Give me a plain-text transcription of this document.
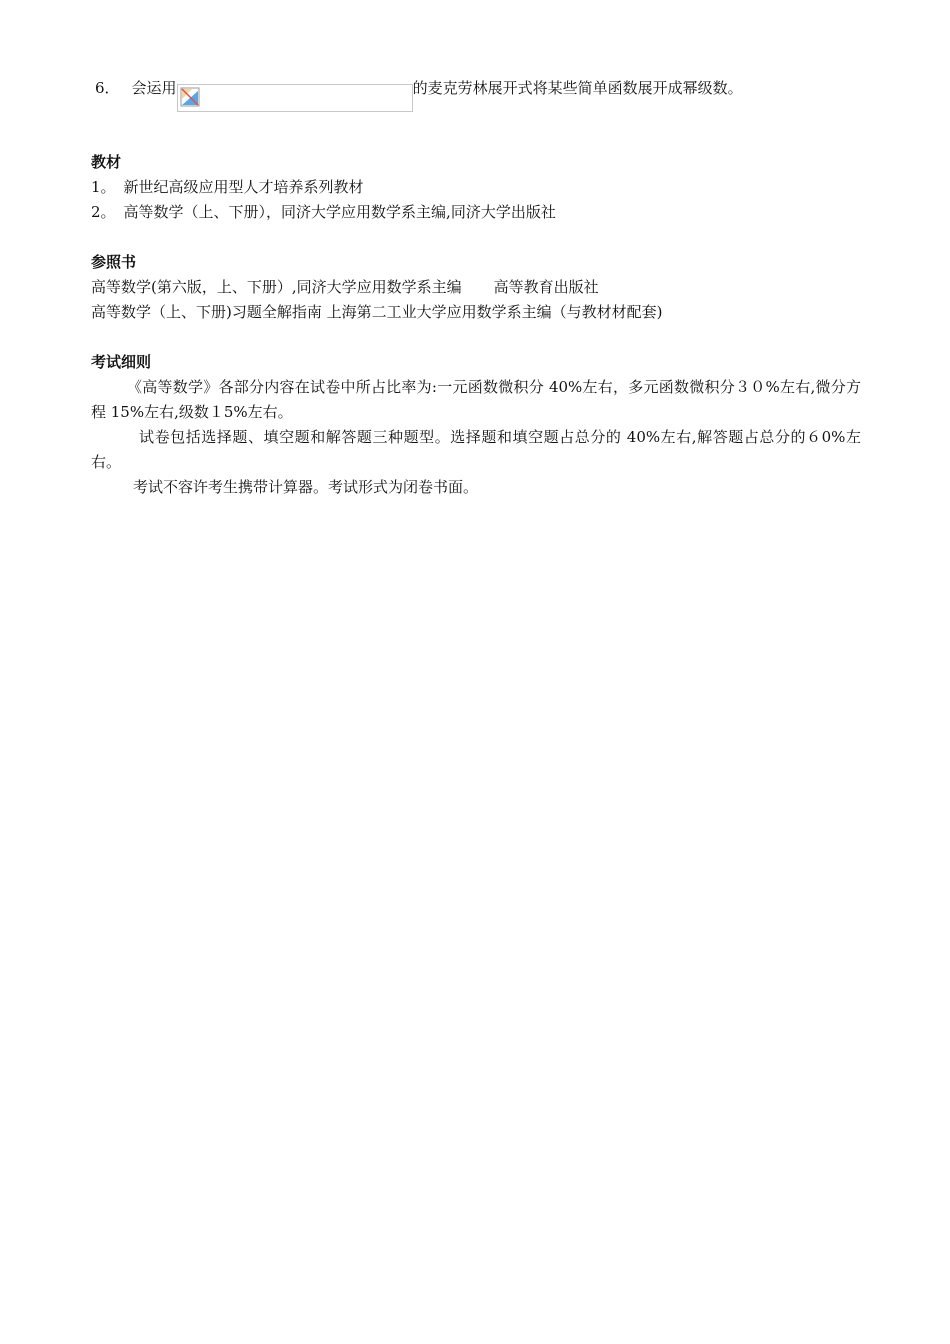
6． 会运用	的麦克劳林展开式将某些简单函数展开成幂级数。
教材
1。 新世纪高级应用型人才培养系列教材
2。 高等数学（上、下册），同济大学应用数学系主编,同济大学出版社
参照书
高等数学(第六版，上、下册）,同济大学应用数学系主编 高等教育出版社
高等数学（上、下册)习题全解指南 上海第二工业大学应用数学系主编（与教材材配套)
考试细则
《高等数学》各部分内容在试卷中所占比率为:一元函数微积分 40%左右，多元函数微积分３０%左右,微分方程 15%左右,级数１5%左右。
试卷包括选择题、填空题和解答题三种题型。选择题和填空题占总分的 40%左右,解答题占总分的６0%左右。
考试不容许考生携带计算器。考试形式为闭卷书面。
